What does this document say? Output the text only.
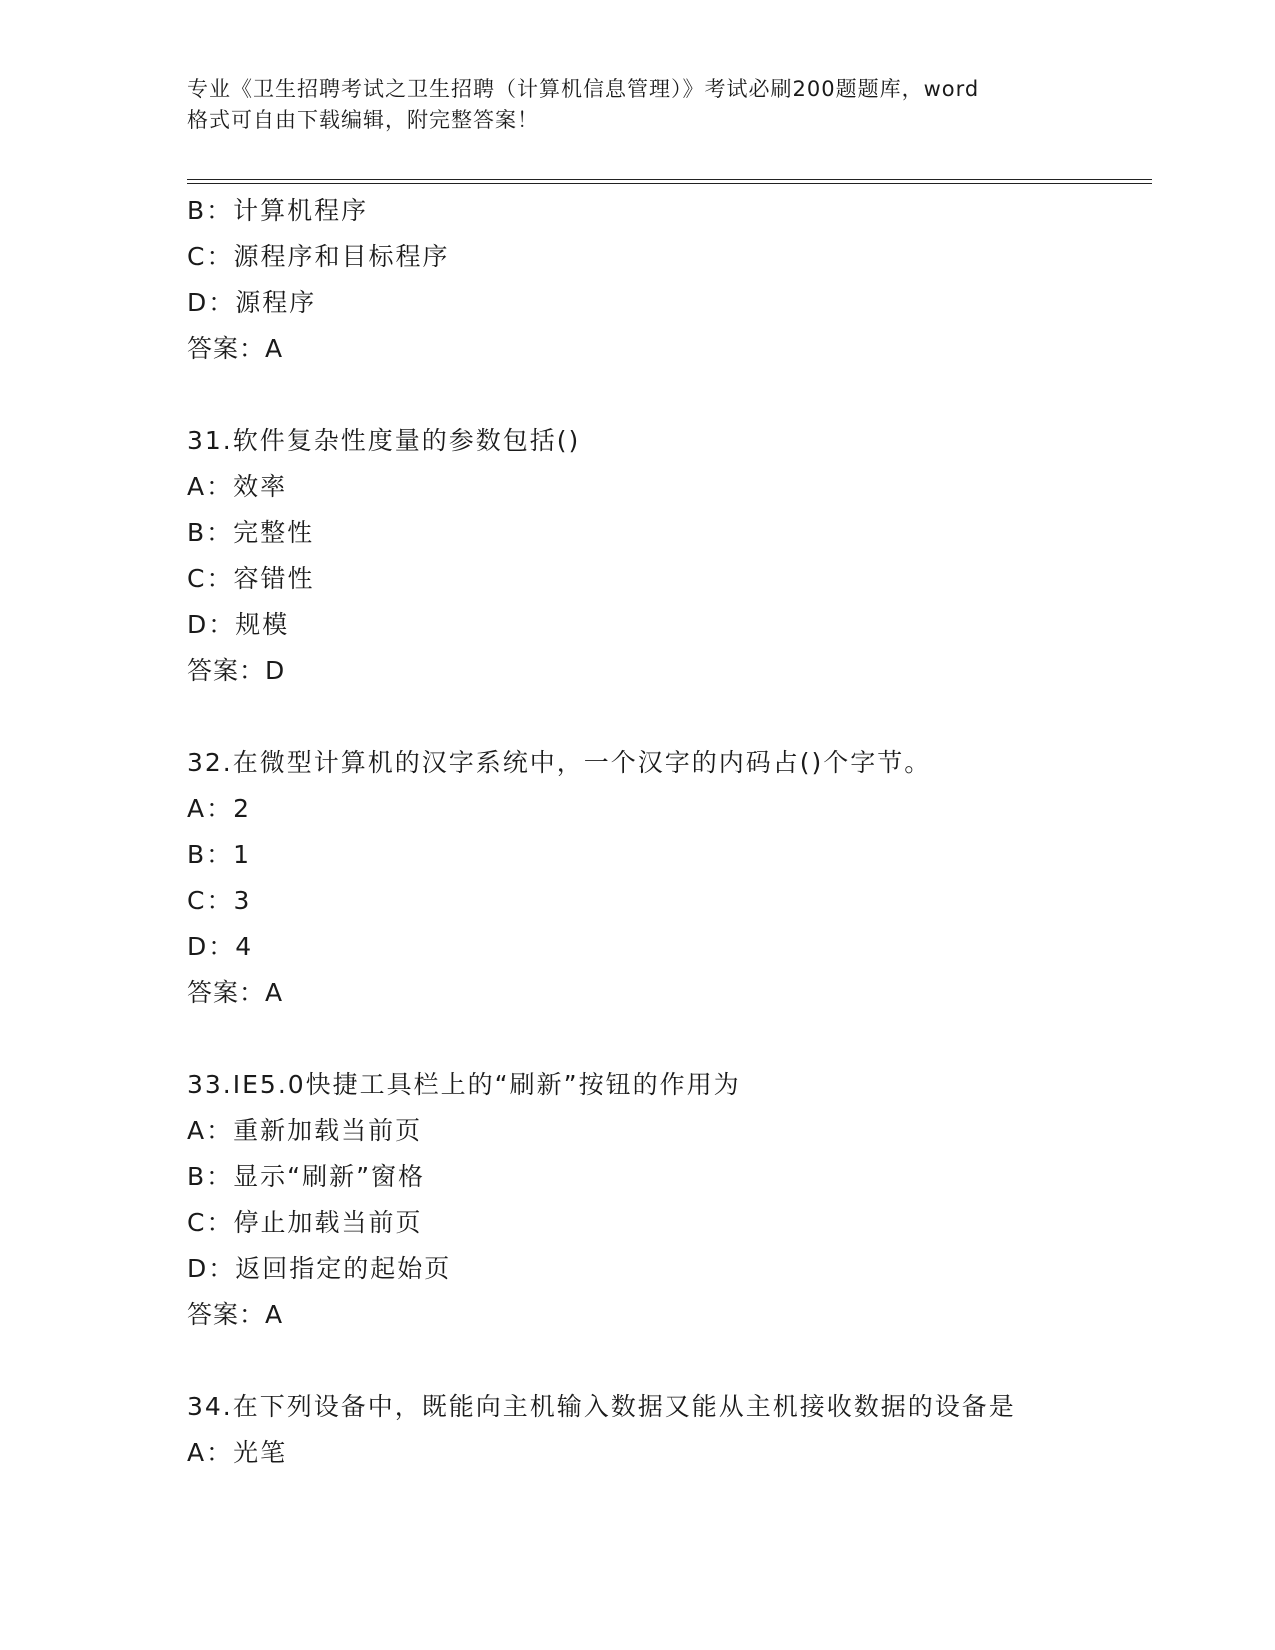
专业《卫生招聘考试之卫生招聘（计算机信息管理）》考试必刷200题题库，word
格式可自由下载编辑，附完整答案！
B：计算机程序
C：源程序和目标程序
D：源程序
答案：A
31.软件复杂性度量的参数包括()
A：效率
B：完整性
C：容错性
D：规模
答案：D
32.在微型计算机的汉字系统中，一个汉字的内码占()个字节。
A：2
B：1
C：3
D：4
答案：A
33.IE5.0快捷工具栏上的“刷新”按钮的作用为
A：重新加载当前页
B：显示“刷新”窗格
C：停止加载当前页
D：返回指定的起始页
答案：A
34.在下列设备中，既能向主机输入数据又能从主机接收数据的设备是
A：光笔
